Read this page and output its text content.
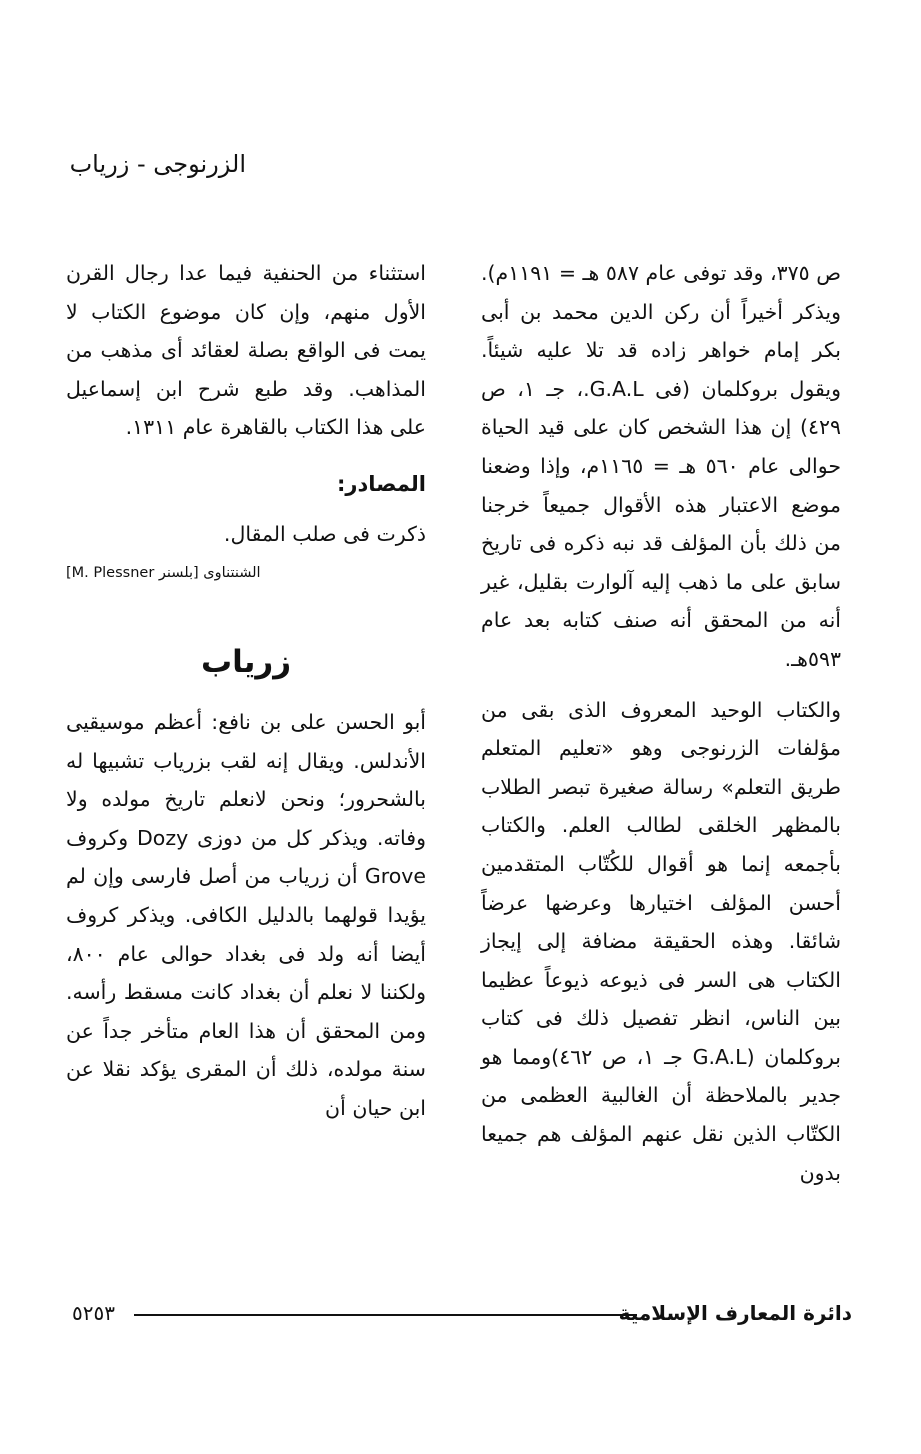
الزرنوجى - زرياب

ص ٣٧٥، وقد توفى عام ٥٨٧ هـ = ١١٩١م). ويذكر أخيراً أن ركن الدين محمد بن أبى بكر إمام خواهر زاده قد تلا عليه شيئاً. ويقول بروكلمان (فى G.A.L.، جـ ١، ص ٤٢٩) إن هذا الشخص كان على قيد الحياة حوالى عام ٥٦٠ هـ = ١١٦٥م، وإذا وضعنا موضع الاعتبار هذه الأقوال جميعاً خرجنا من ذلك بأن المؤلف قد نبه ذكره فى تاريخ سابق على ما ذهب إليه آلوارت بقليل، غير أنه من المحقق أنه صنف كتابه بعد عام ٥٩٣هـ.

والكتاب الوحيد المعروف الذى بقى من مؤلفات الزرنوجى وهو «تعليم المتعلم طريق التعلم» رسالة صغيرة تبصر الطلاب بالمظهر الخلقى لطالب العلم. والكتاب بأجمعه إنما هو أقوال للكُتّاب المتقدمين أحسن المؤلف اختيارها وعرضها عرضاً شائقا. وهذه الحقيقة مضافة إلى إيجاز الكتاب هى السر فى ذيوعه ذيوعاً عظيما بين الناس، انظر تفصيل ذلك فى كتاب بروكلمان (G.A.L جـ ١، ص ٤٦٢)ومما هو جدير بالملاحظة أن الغالبية العظمى من الكتّاب الذين نقل عنهم المؤلف هم جميعا بدون

استثناء من الحنفية فيما عدا رجال القرن الأول منهم، وإن كان موضوع الكتاب لا يمت فى الواقع بصلة لعقائد أى مذهب من المذاهب. وقد طبع شرح ابن إسماعيل على هذا الكتاب بالقاهرة عام ١٣١١.

المصادر:
ذكرت فى صلب المقال.
الشنتناوى [بلسنر M. Plessner]
زرياب

أبو الحسن على بن نافع: أعظم موسيقيى الأندلس. ويقال إنه لقب بزرياب تشبيها له بالشحرور؛ ونحن لانعلم تاريخ مولده ولا وفاته. ويذكر كل من دوزى Dozy وكروف Grove أن زرياب من أصل فارسى وإن لم يؤيدا قولهما بالدليل الكافى. ويذكر كروف أيضا أنه ولد فى بغداد حوالى عام ٨٠٠، ولكننا لا نعلم أن بغداد كانت مسقط رأسه. ومن المحقق أن هذا العام متأخر جداً عن سنة مولده، ذلك أن المقرى يؤكد نقلا عن ابن حيان أن

٥٢٥٣	دائرة المعارف الإسلامية
